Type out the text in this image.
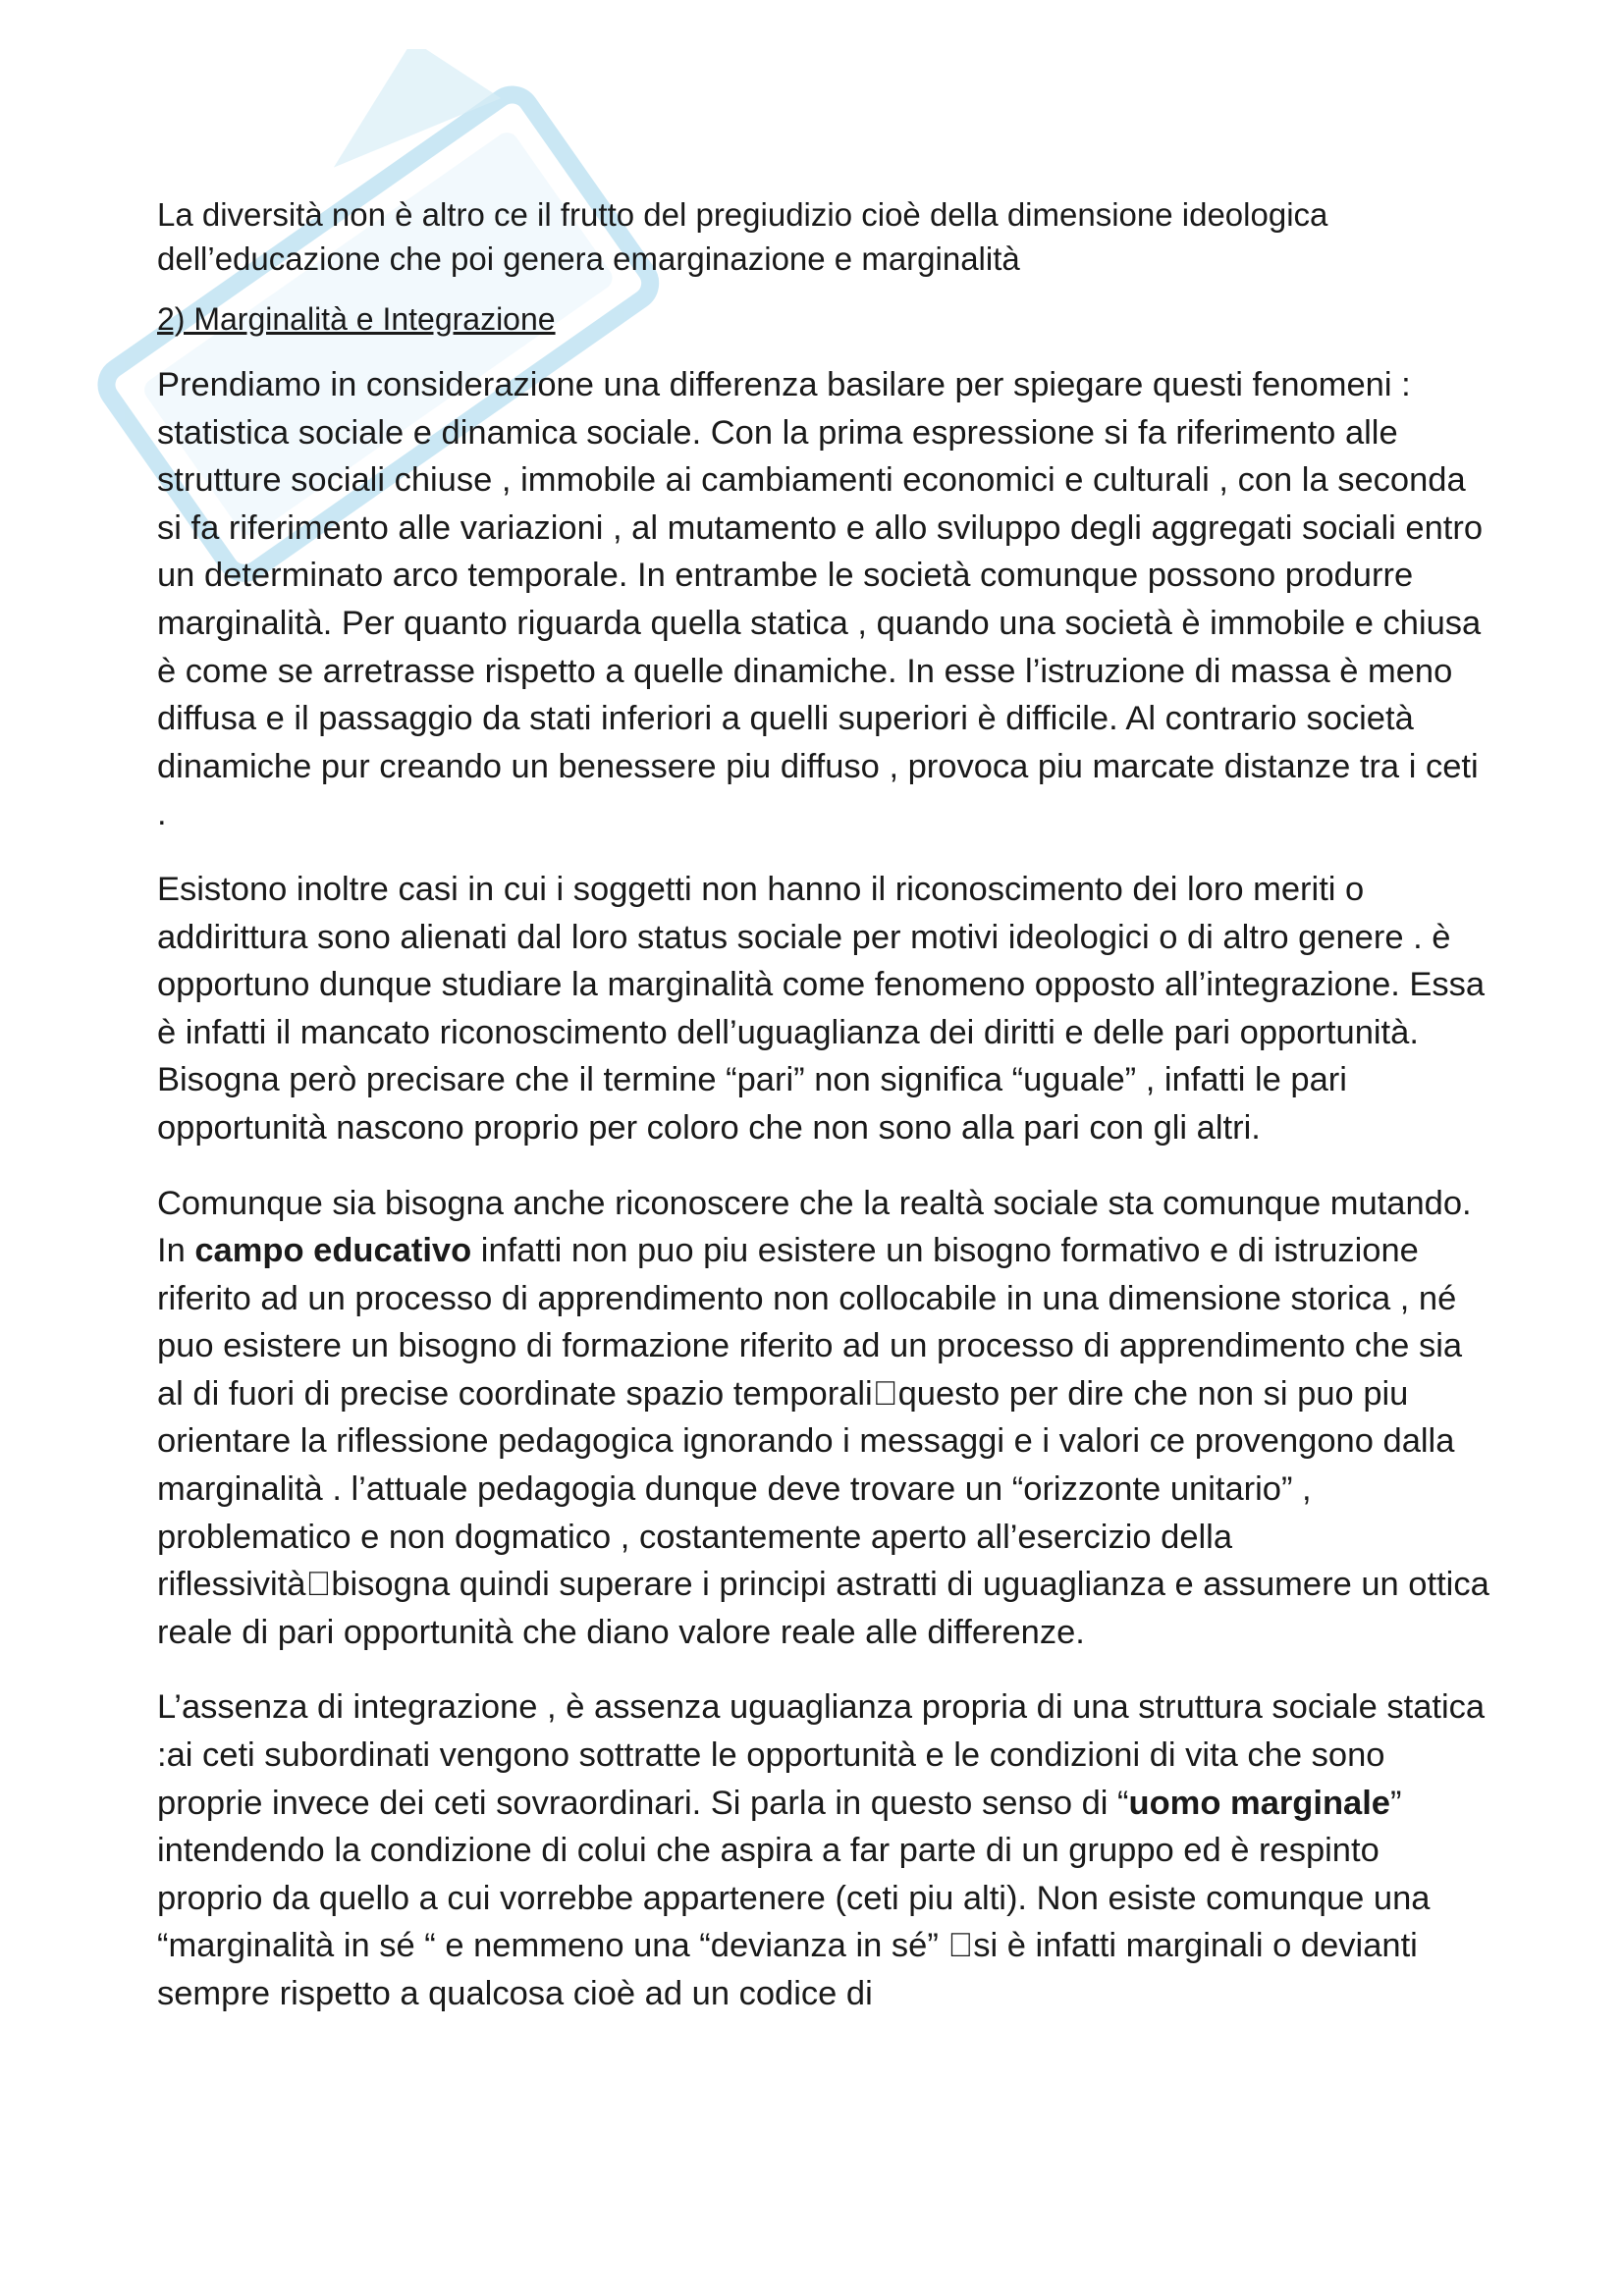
La diversità non è altro ce il frutto del pregiudizio cioè della dimensione ideologica dell’educazione che poi genera emarginazione e marginalità

2) Marginalità e Integrazione

Prendiamo in considerazione una differenza basilare per spiegare questi fenomeni : statistica sociale e dinamica sociale. Con la prima espressione si fa riferimento alle strutture sociali chiuse , immobile ai cambiamenti economici e culturali , con la seconda si fa riferimento alle variazioni , al mutamento e allo sviluppo degli aggregati sociali entro un determinato arco temporale. In entrambe le società comunque possono produrre marginalità. Per quanto riguarda quella statica , quando una società è immobile e chiusa è come se arretrasse rispetto a quelle dinamiche. In esse l’istruzione di massa è meno diffusa e il passaggio da stati inferiori a quelli superiori è difficile. Al contrario società dinamiche pur creando un benessere piu diffuso , provoca piu marcate distanze tra i ceti .

Esistono inoltre casi in cui i soggetti non hanno il riconoscimento dei loro meriti o addirittura sono alienati dal loro status sociale per motivi ideologici o di altro genere . è opportuno dunque studiare la marginalità come fenomeno opposto all’integrazione. Essa è infatti il mancato riconoscimento dell’uguaglianza dei diritti e delle pari opportunità. Bisogna però precisare che il termine “pari” non significa “uguale” , infatti le pari opportunità nascono proprio per coloro che non sono alla pari con gli altri.

Comunque sia bisogna anche riconoscere che la realtà sociale sta comunque mutando. In campo educativo infatti non puo piu esistere un bisogno formativo e di istruzione riferito ad un processo di apprendimento non collocabile in una dimensione storica , né puo esistere un bisogno di formazione riferito ad un processo di apprendimento che sia al di fuori di precise coordinate spazio temporali􀃆questo per dire che non si puo piu orientare la riflessione pedagogica ignorando i messaggi e i valori ce provengono dalla marginalità . l’attuale pedagogia dunque deve trovare un “orizzonte unitario” , problematico e non dogmatico , costantemente aperto all’esercizio della riflessività􀃆bisogna quindi superare i principi astratti di uguaglianza e assumere un ottica reale di pari opportunità che diano valore reale alle differenze.

L’assenza di integrazione , è assenza uguaglianza propria di una struttura sociale statica :ai ceti subordinati vengono sottratte le opportunità e le condizioni di vita che sono proprie invece dei ceti sovraordinari. Si parla in questo senso di “uomo marginale” intendendo la condizione di colui che aspira a far parte di un gruppo ed è respinto proprio da quello a cui vorrebbe appartenere (ceti piu alti). Non esiste comunque una “marginalità in sé “ e nemmeno una “devianza in sé” 􀃆si è infatti marginali o devianti sempre rispetto a qualcosa cioè ad un codice di
